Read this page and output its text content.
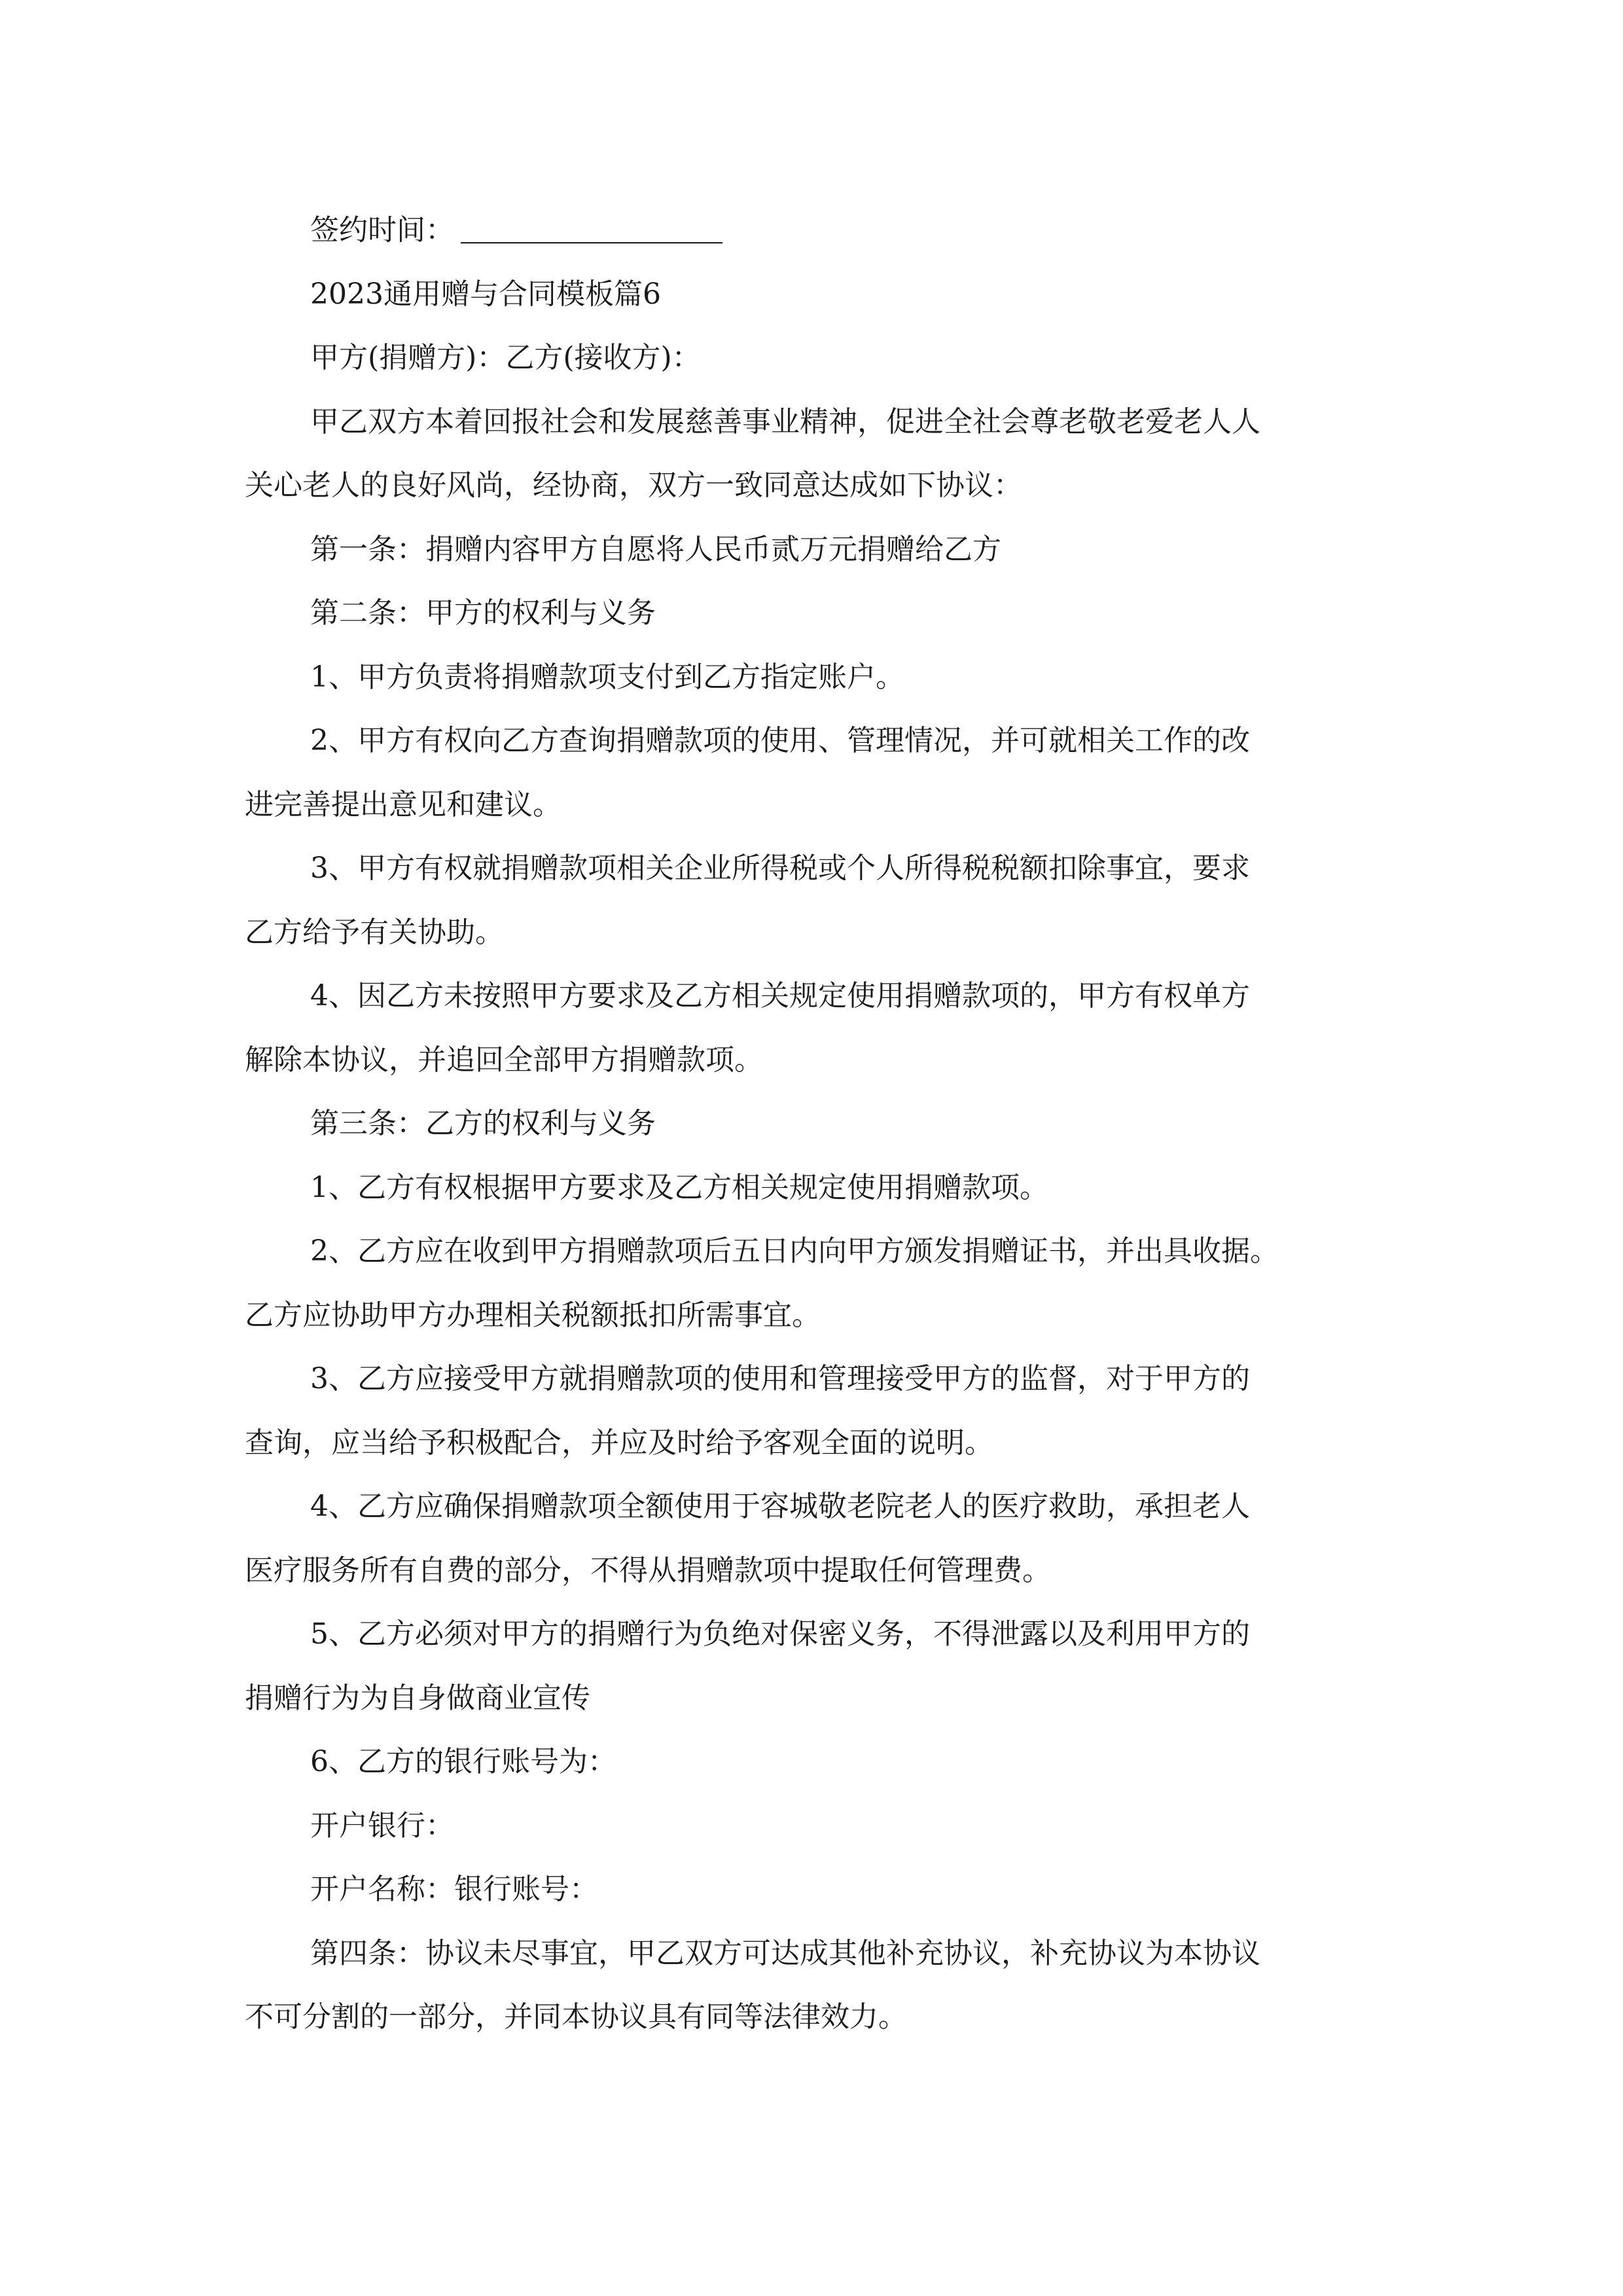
签约时间：
2023通用赠与合同模板篇6
甲方(捐赠方)：乙方(接收方)：
甲乙双方本着回报社会和发展慈善事业精神，促进全社会尊老敬老爱老人人
关心老人的良好风尚，经协商，双方一致同意达成如下协议：
第一条：捐赠内容甲方自愿将人民币贰万元捐赠给乙方
第二条：甲方的权利与义务
1、甲方负责将捐赠款项支付到乙方指定账户。
2、甲方有权向乙方查询捐赠款项的使用、管理情况，并可就相关工作的改
进完善提出意见和建议。
3、甲方有权就捐赠款项相关企业所得税或个人所得税税额扣除事宜，要求
乙方给予有关协助。
4、因乙方未按照甲方要求及乙方相关规定使用捐赠款项的，甲方有权单方
解除本协议，并追回全部甲方捐赠款项。
第三条：乙方的权利与义务
1、乙方有权根据甲方要求及乙方相关规定使用捐赠款项。
2、乙方应在收到甲方捐赠款项后五日内向甲方颁发捐赠证书，并出具收据。
乙方应协助甲方办理相关税额抵扣所需事宜。
3、乙方应接受甲方就捐赠款项的使用和管理接受甲方的监督，对于甲方的
查询，应当给予积极配合，并应及时给予客观全面的说明。
4、乙方应确保捐赠款项全额使用于容城敬老院老人的医疗救助，承担老人
医疗服务所有自费的部分，不得从捐赠款项中提取任何管理费。
5、乙方必须对甲方的捐赠行为负绝对保密义务，不得泄露以及利用甲方的
捐赠行为为自身做商业宣传
6、乙方的银行账号为：
开户银行：
开户名称：银行账号：
第四条：协议未尽事宜，甲乙双方可达成其他补充协议，补充协议为本协议
不可分割的一部分，并同本协议具有同等法律效力。
